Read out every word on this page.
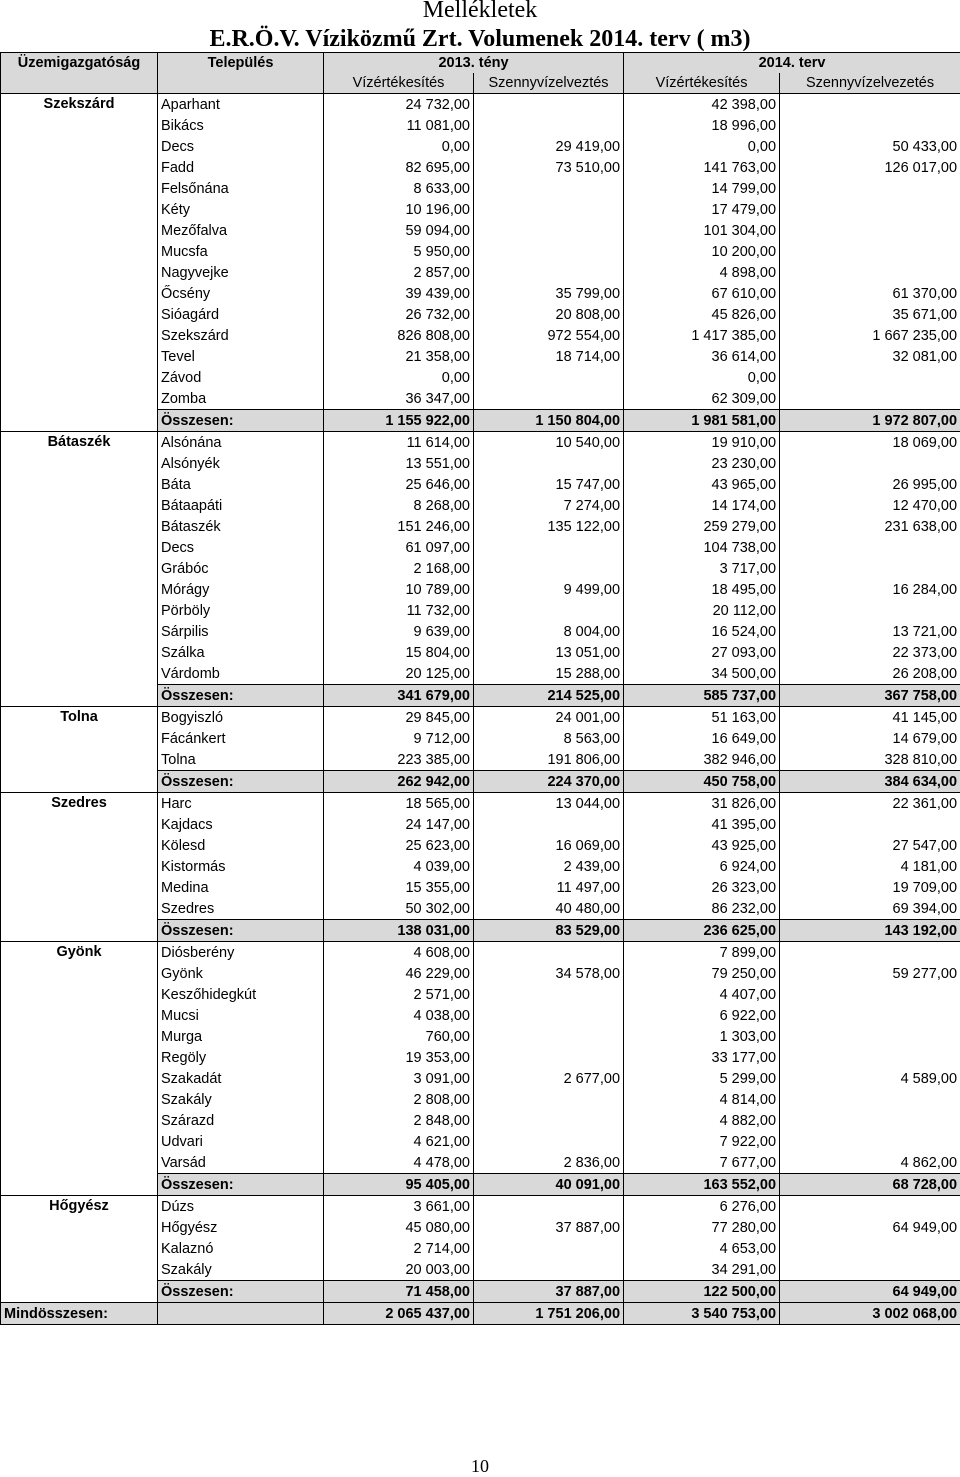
Mellékletek
E.R.Ö.V. Víziközmű Zrt. Volumenek 2014. terv ( m3)
Üzemigazgatóság	Település	2013. tény		2014. terv	
		Vízértékesítés	Szennyvízelveztés	Vízértékesítés	Szennyvízelvezetés
Szekszárd	Aparhant	24 732,00		42 398,00	
	Bikács	11 081,00		18 996,00	
	Decs	0,00	29 419,00	0,00	50 433,00
	Fadd	82 695,00	73 510,00	141 763,00	126 017,00
	Felsőnána	8 633,00		14 799,00	
	Kéty	10 196,00		17 479,00	
	Mezőfalva	59 094,00		101 304,00	
	Mucsfa	5 950,00		10 200,00	
	Nagyvejke	2 857,00		4 898,00	
	Őcsény	39 439,00	35 799,00	67 610,00	61 370,00
	Sióagárd	26 732,00	20 808,00	45 826,00	35 671,00
	Szekszárd	826 808,00	972 554,00	1 417 385,00	1 667 235,00
	Tevel	21 358,00	18 714,00	36 614,00	32 081,00
	Závod	0,00		0,00	
	Zomba	36 347,00		62 309,00	
	Összesen:	1 155 922,00	1 150 804,00	1 981 581,00	1 972 807,00
Bátaszék	Alsónána	11 614,00	10 540,00	19 910,00	18 069,00
	Alsónyék	13 551,00		23 230,00	
	Báta	25 646,00	15 747,00	43 965,00	26 995,00
	Bátaapáti	8 268,00	7 274,00	14 174,00	12 470,00
	Bátaszék	151 246,00	135 122,00	259 279,00	231 638,00
	Decs	61 097,00		104 738,00	
	Grábóc	2 168,00		3 717,00	
	Mórágy	10 789,00	9 499,00	18 495,00	16 284,00
	Pörböly	11 732,00		20 112,00	
	Sárpilis	9 639,00	8 004,00	16 524,00	13 721,00
	Szálka	15 804,00	13 051,00	27 093,00	22 373,00
	Várdomb	20 125,00	15 288,00	34 500,00	26 208,00
	Összesen:	341 679,00	214 525,00	585 737,00	367 758,00
Tolna	Bogyiszló	29 845,00	24 001,00	51 163,00	41 145,00
	Fácánkert	9 712,00	8 563,00	16 649,00	14 679,00
	Tolna	223 385,00	191 806,00	382 946,00	328 810,00
	Összesen:	262 942,00	224 370,00	450 758,00	384 634,00
Szedres	Harc	18 565,00	13 044,00	31 826,00	22 361,00
	Kajdacs	24 147,00		41 395,00	
	Kölesd	25 623,00	16 069,00	43 925,00	27 547,00
	Kistormás	4 039,00	2 439,00	6 924,00	4 181,00
	Medina	15 355,00	11 497,00	26 323,00	19 709,00
	Szedres	50 302,00	40 480,00	86 232,00	69 394,00
	Összesen:	138 031,00	83 529,00	236 625,00	143 192,00
Gyönk	Diósberény	4 608,00		7 899,00	
	Gyönk	46 229,00	34 578,00	79 250,00	59 277,00
	Keszőhidegkút	2 571,00		4 407,00	
	Mucsi	4 038,00		6 922,00	
	Murga	760,00		1 303,00	
	Regöly	19 353,00		33 177,00	
	Szakadát	3 091,00	2 677,00	5 299,00	4 589,00
	Szakály	2 808,00		4 814,00	
	Szárazd	2 848,00		4 882,00	
	Udvari	4 621,00		7 922,00	
	Varsád	4 478,00	2 836,00	7 677,00	4 862,00
	Összesen:	95 405,00	40 091,00	163 552,00	68 728,00
Hőgyész	Dúzs	3 661,00		6 276,00	
	Hőgyész	45 080,00	37 887,00	77 280,00	64 949,00
	Kalaznó	2 714,00		4 653,00	
	Szakály	20 003,00		34 291,00	
	Összesen:	71 458,00	37 887,00	122 500,00	64 949,00
Mindösszesen:		2 065 437,00	1 751 206,00	3 540 753,00	3 002 068,00
10
